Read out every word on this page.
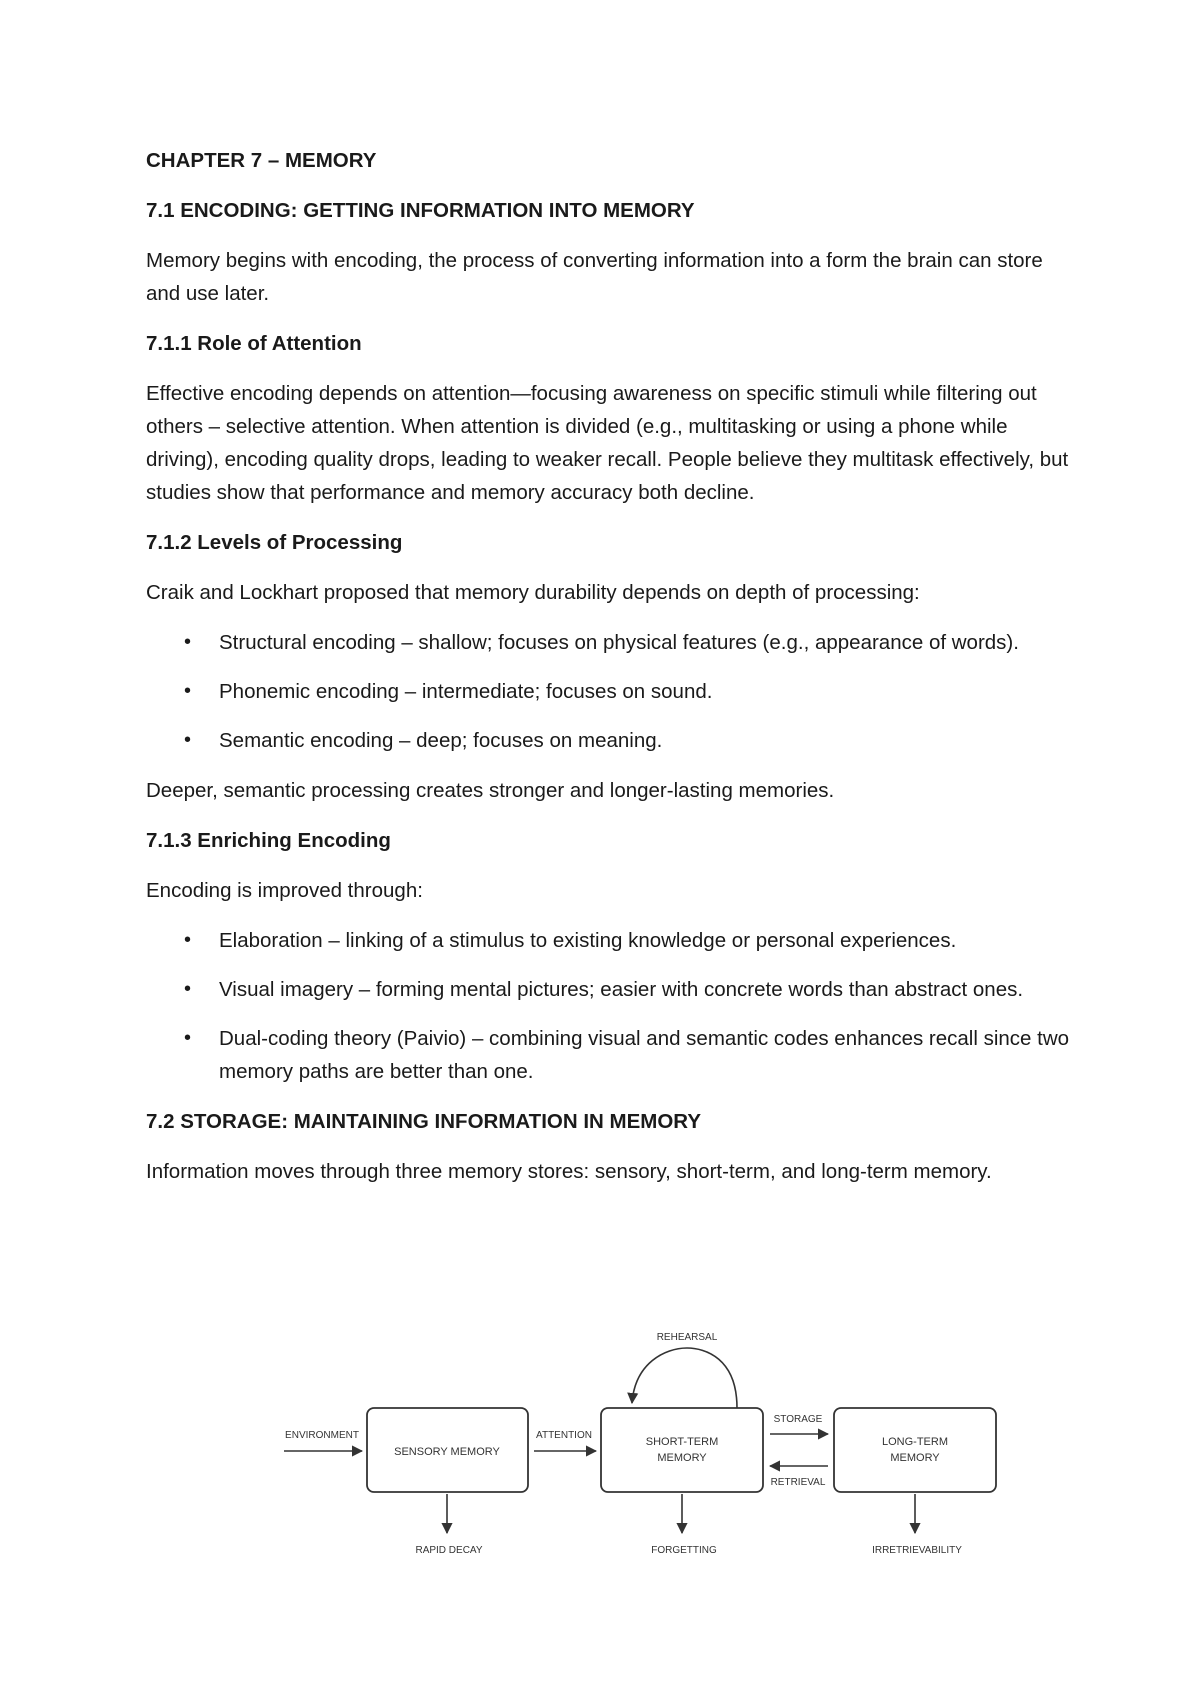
CHAPTER 7 – MEMORY
7.1 ENCODING: GETTING INFORMATION INTO MEMORY
Memory begins with encoding, the process of converting information into a form the brain can store and use later.
7.1.1 Role of Attention
Effective encoding depends on attention—focusing awareness on specific stimuli while filtering out others – selective attention. When attention is divided (e.g., multitasking or using a phone while driving), encoding quality drops, leading to weaker recall. People believe they multitask effectively, but studies show that performance and memory accuracy both decline.
7.1.2 Levels of Processing
Craik and Lockhart proposed that memory durability depends on depth of processing:
• Structural encoding – shallow; focuses on physical features (e.g., appearance of words).
• Phonemic encoding – intermediate; focuses on sound.
• Semantic encoding – deep; focuses on meaning.
Deeper, semantic processing creates stronger and longer-lasting memories.
7.1.3 Enriching Encoding
Encoding is improved through:
• Elaboration – linking of a stimulus to existing knowledge or personal experiences.
• Visual imagery – forming mental pictures; easier with concrete words than abstract ones.
• Dual-coding theory (Paivio) – combining visual and semantic codes enhances recall since two memory paths are better than one.
7.2 STORAGE: MAINTAINING INFORMATION IN MEMORY
Information moves through three memory stores: sensory, short-term, and long-term memory.
REHEARSAL
ENVIRONMENT
SENSORY MEMORY
ATTENTION
SHORT-TERM
MEMORY
STORAGE
RETRIEVAL
LONG-TERM
MEMORY
RAPID DECAY	FORGETTING	IRRETRIEVABILITY
